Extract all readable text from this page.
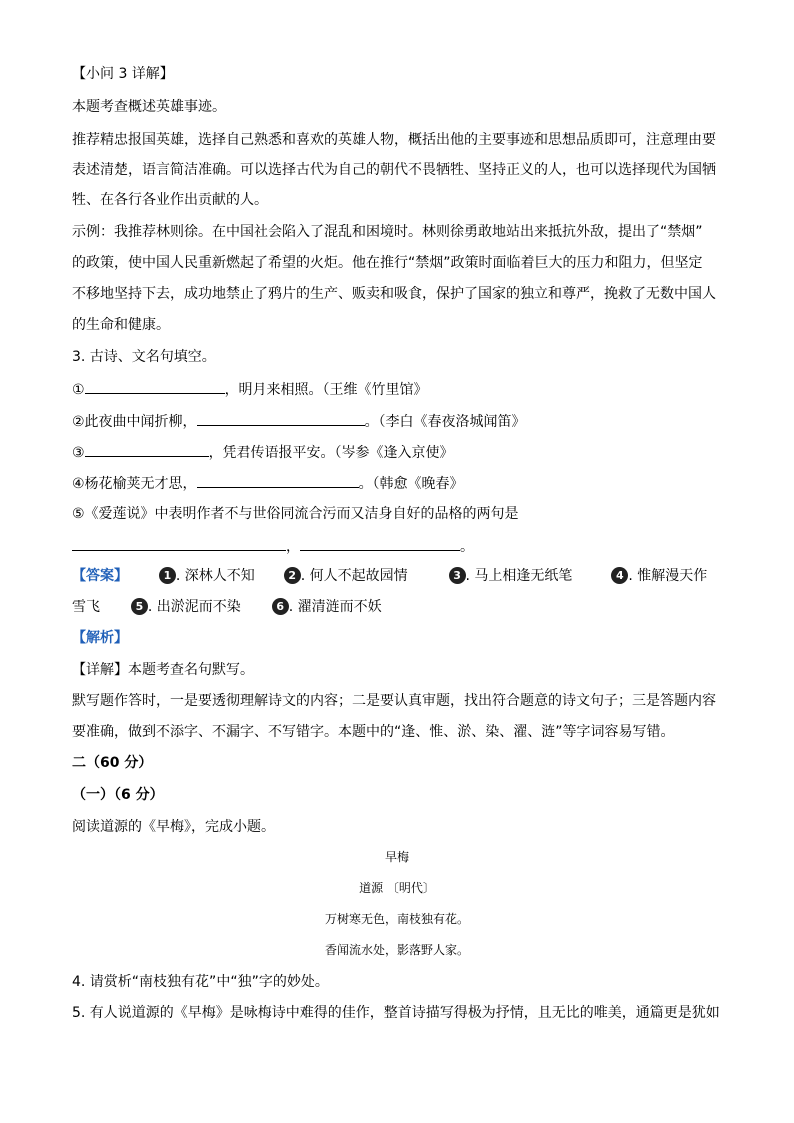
【小问 3 详解】
本题考查概述英雄事迹。
推荐精忠报国英雄，选择自己熟悉和喜欢的英雄人物，概括出他的主要事迹和思想品质即可，注意理由要
表述清楚，语言简洁准确。可以选择古代为自己的朝代不畏牺牲、坚持正义的人，也可以选择现代为国牺
牲、在各行各业作出贡献的人。
示例：我推荐林则徐。在中国社会陷入了混乱和困境时。林则徐勇敢地站出来抵抗外敌，提出了“禁烟”
的政策，使中国人民重新燃起了希望的火炬。他在推行“禁烟”政策时面临着巨大的压力和阻力，但坚定
不移地坚持下去，成功地禁止了鸦片的生产、贩卖和吸食，保护了国家的独立和尊严，挽救了无数中国人
的生命和健康。
3. 古诗、文名句填空。
①	，明月来相照。（王维《竹里馆》
②此夜曲中闻折柳，	。（李白《春夜洛城闻笛》
③	，凭君传语报平安。（岑参《逢入京使》
④杨花榆荚无才思，	。（韩愈《晚春》
⑤《爱莲说》中表明作者不与世俗同流合污而又洁身自好的品格的两句是
，	。
【答案】	1 . 深林人不知	2 . 何人不起故园情	3 . 马上相逢无纸笔	4 . 惟解漫天作
雪飞	5 . 出淤泥而不染	6 . 濯清涟而不妖
【解析】
【详解】本题考查名句默写。
默写题作答时，一是要透彻理解诗文的内容；二是要认真审题，找出符合题意的诗文句子；三是答题内容
要准确，做到不添字、不漏字、不写错字。本题中的“逢、惟、淤、染、濯、涟”等字词容易写错。
二（60 分）
（一）（6 分）
阅读道源的《早梅》，完成小题。
早梅
道源 〔明代〕
万树寒无色，南枝独有花。
香闻流水处，影落野人家。
4. 请赏析“南枝独有花”中“独”字的妙处。
5. 有人说道源的《早梅》是咏梅诗中难得的佳作，整首诗描写得极为抒情，且无比的唯美，通篇更是犹如
